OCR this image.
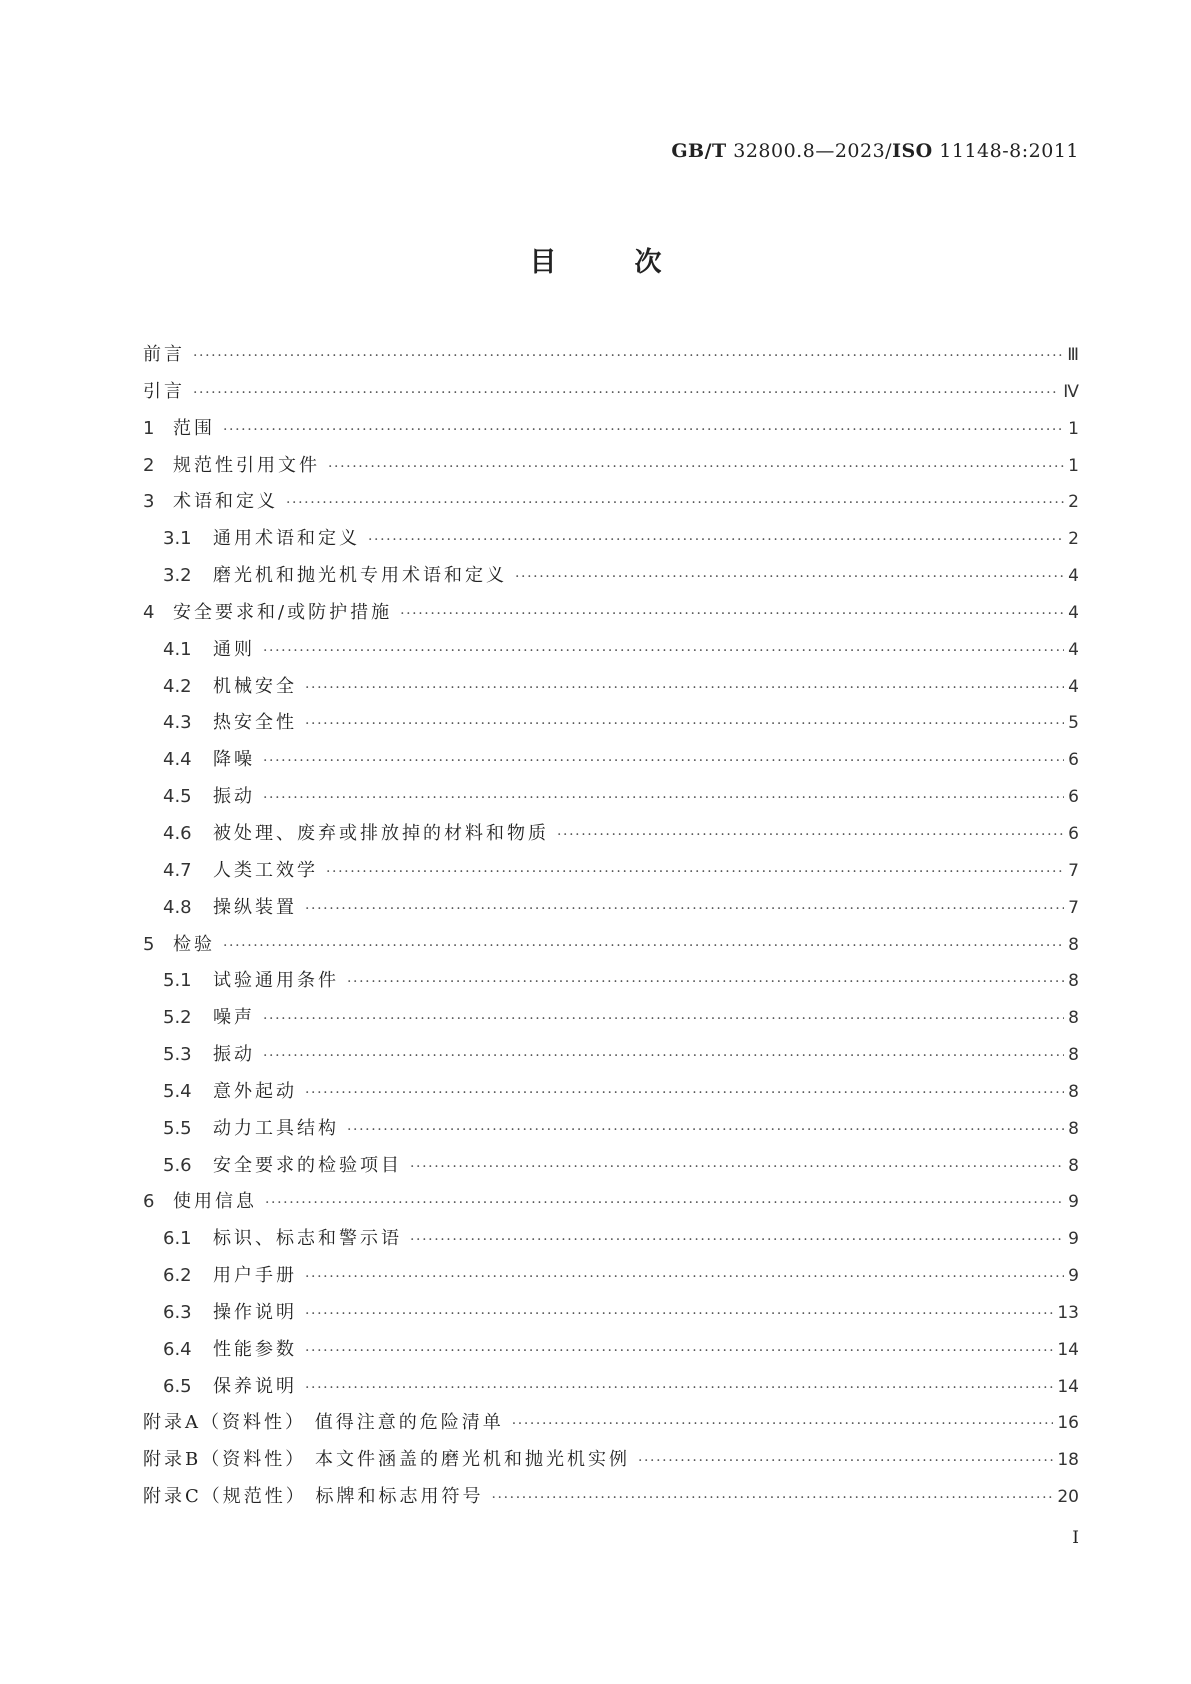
GB/T 32800.8—2023/ISO 11148-8:2011
目	次
前言 ·····	Ⅲ
引言 ·····	Ⅳ
1	范围 ·····	1
2	规范性引用文件 ·····	1
3	术语和定义 ·····	2
3.1	通用术语和定义 ·····	2
3.2	磨光机和抛光机专用术语和定义 ·····	4
4	安全要求和/或防护措施 ·····	4
4.1	通则 ·····	4
4.2	机械安全 ·····	4
4.3	热安全性 ·····	5
4.4	降噪 ·····	6
4.5	振动 ·····	6
4.6	被处理、废弃或排放掉的材料和物质 ·····	6
4.7	人类工效学 ·····	7
4.8	操纵装置 ·····	7
5	检验 ·····	8
5.1	试验通用条件 ·····	8
5.2	噪声 ·····	8
5.3	振动 ·····	8
5.4	意外起动 ·····	8
5.5	动力工具结构 ·····	8
5.6	安全要求的检验项目 ·····	8
6	使用信息 ·····	9
6.1	标识、标志和警示语 ·····	9
6.2	用户手册 ·····	9
6.3	操作说明 ·····	13
6.4	性能参数 ·····	14
6.5	保养说明 ·····	14
附录A（资料性） 值得注意的危险清单 ·····	16
附录B（资料性） 本文件涵盖的磨光机和抛光机实例 ·····	18
附录C（规范性） 标牌和标志用符号 ·····	20
I
